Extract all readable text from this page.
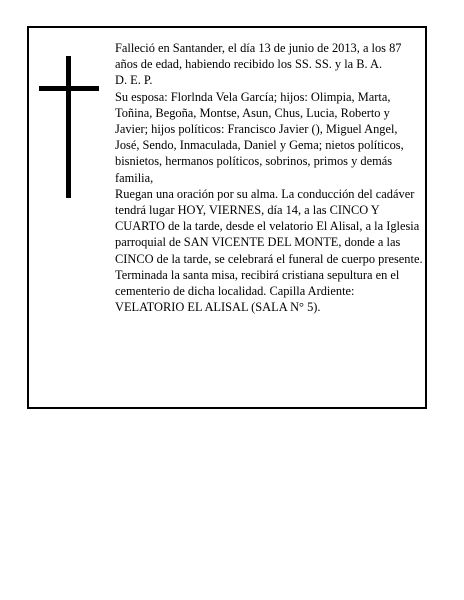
Falleció en Santander, el día 13 de junio de 2013, a los 87 años de edad, habiendo recibido los SS. SS. y la B. A.

D. E. P.

Su esposa: Florlnda Vela García; hijos: Olimpia, Marta, Toñina, Begoña, Montse, Asun, Chus, Lucia, Roberto y Javier; hijos políticos: Francisco Javier (), Miguel Angel, José, Sendo, Inmaculada, Daniel y Gema; nietos políticos, bisnietos, hermanos políticos, sobrinos, primos y demás familia,

Ruegan una oración por su alma. La conducción del cadáver tendrá lugar HOY, VIERNES, día 14, a las CINCO Y CUARTO de la tarde, desde el velatorio El Alisal, a la Iglesia parroquial de SAN VICENTE DEL MONTE, donde a las CINCO de la tarde, se celebrará el funeral de cuerpo presente. Terminada la santa misa, recibirá cristiana sepultura en el cementerio de dicha localidad. Capilla Ardiente: VELATORIO EL ALISAL (SALA N° 5).
